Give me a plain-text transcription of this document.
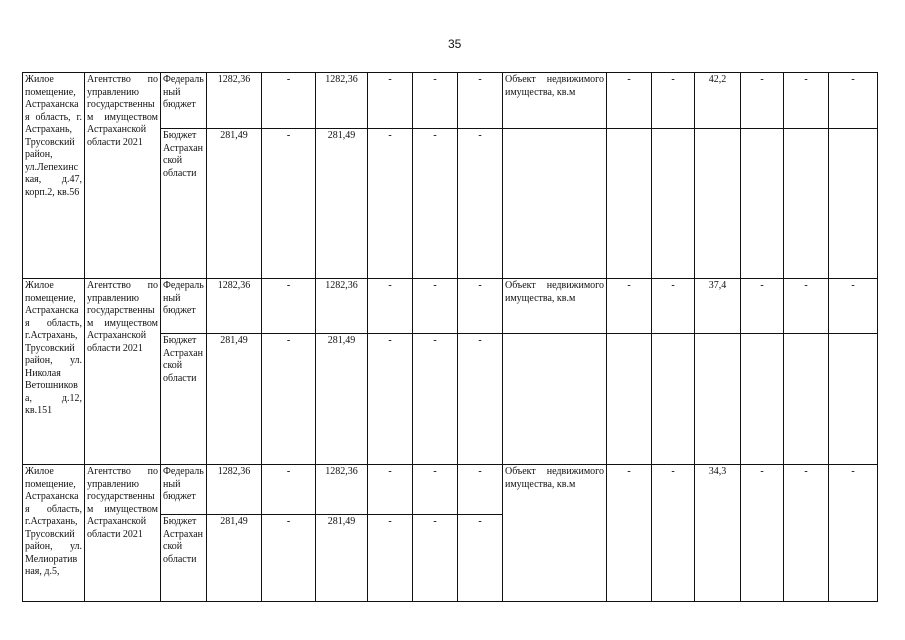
35
Жилое помещение, Астраханская область, г. Астрахань, Трусовский район, ул.Лепехинская, д.47, корп.2, кв.56	Агентство по управлению государственным имуществом Астраханской области 2021	Федеральный бюджет	1282,36	-	1282,36	-	-	-	Объект недвижимого имущества, кв.м	-	-	42,2	-	-	-
		Бюджет Астраханской области	281,49	-	281,49	-	-	-							
Жилое помещение, Астраханская область, г.Астрахань, Трусовский район, ул. Николая Ветошникова, д.12, кв.151	Агентство по управлению государственным имуществом Астраханской области 2021	Федеральный бюджет	1282,36	-	1282,36	-	-	-	Объект недвижимого имущества, кв.м	-	-	37,4	-	-	-
		Бюджет Астраханской области	281,49	-	281,49	-	-	-							
Жилое помещение, Астраханская область, г.Астрахань, Трусовский район, ул. Мелиоративная, д.5,	Агентство по управлению государственным имуществом Астраханской области 2021	Федеральный бюджет	1282,36	-	1282,36	-	-	-	Объект недвижимого имущества, кв.м	-	-	34,3	-	-	-
		Бюджет Астраханской области	281,49	-	281,49	-	-	-							
